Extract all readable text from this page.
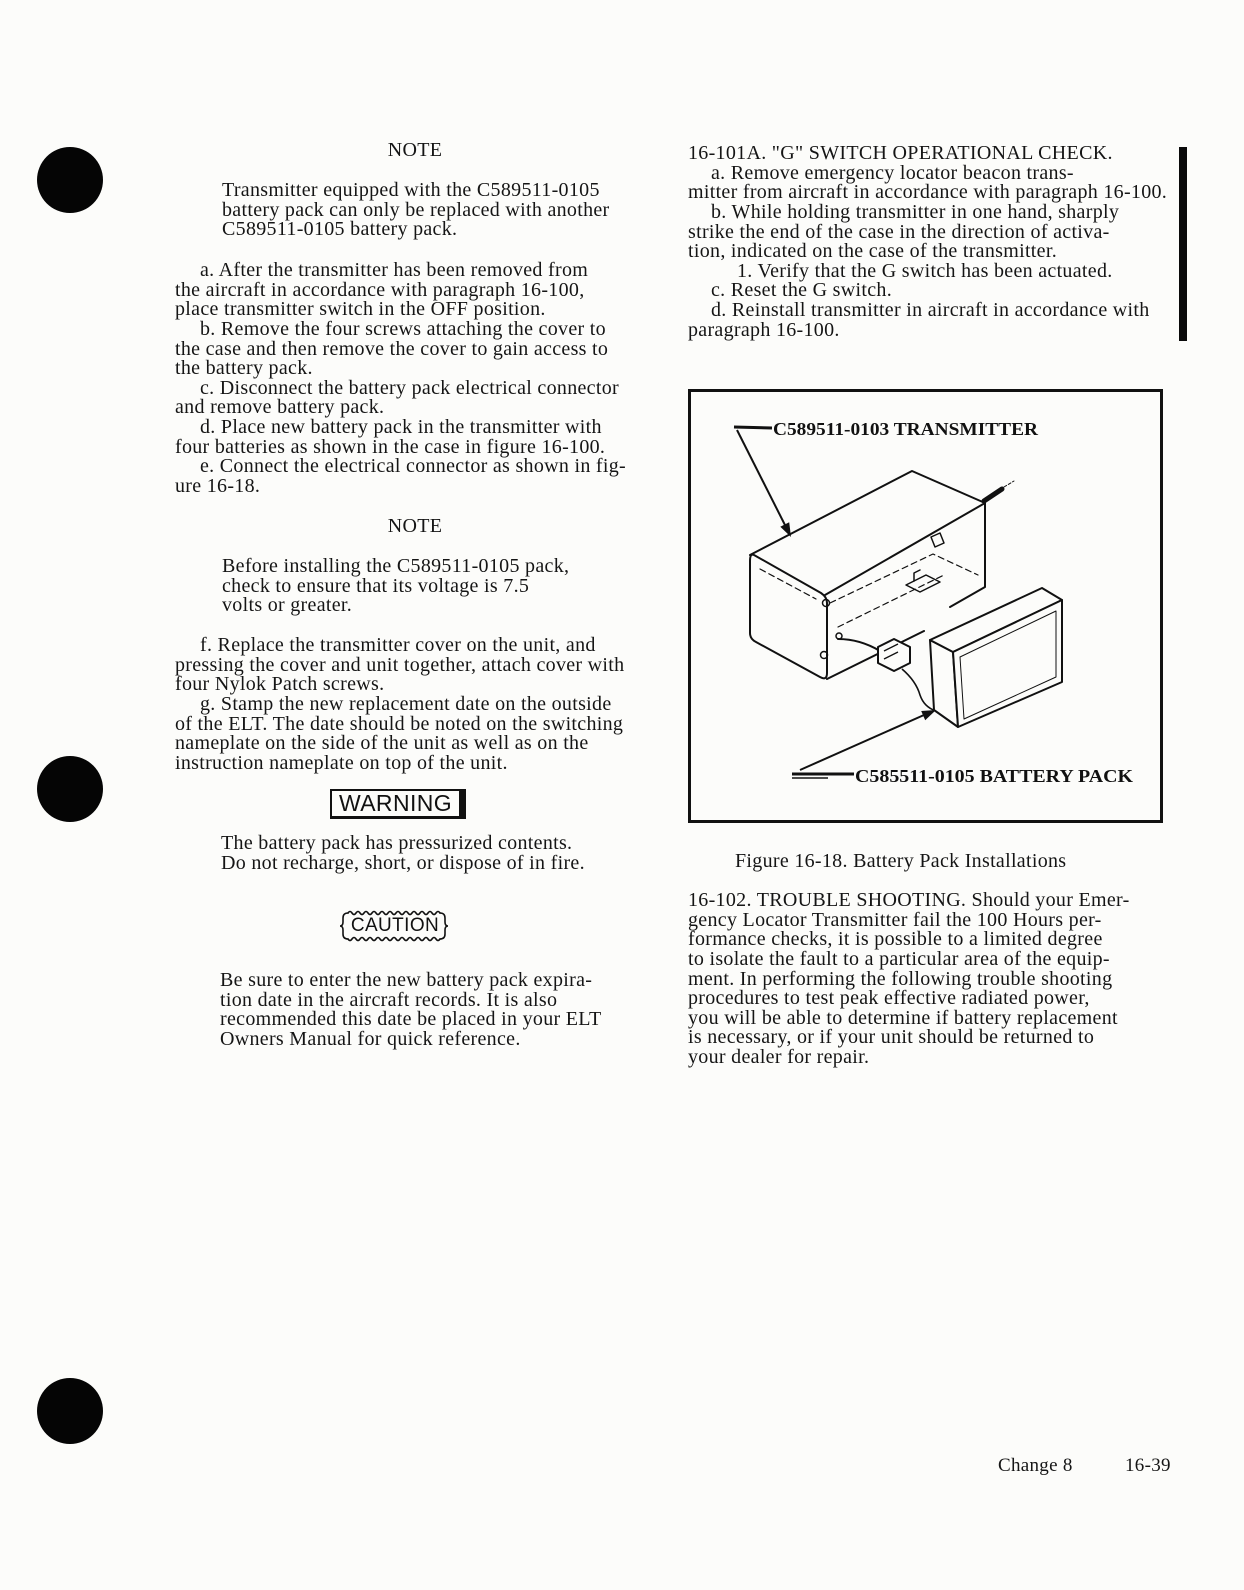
NOTE
Transmitter equipped with the C589511-0105
battery pack can only be replaced with another
C589511-0105 battery pack.
a. After the transmitter has been removed from
the aircraft in accordance with paragraph 16-100,
place transmitter switch in the OFF position.
b. Remove the four screws attaching the cover to
the case and then remove the cover to gain access to
the battery pack.
c. Disconnect the battery pack electrical connector
and remove battery pack.
d. Place new battery pack in the transmitter with
four batteries as shown in the case in figure 16-100.
e. Connect the electrical connector as shown in fig-
ure 16-18.
NOTE
Before installing the C589511-0105 pack,
check to ensure that its voltage is 7.5
volts or greater.
f. Replace the transmitter cover on the unit, and
pressing the cover and unit together, attach cover with
four Nylok Patch screws.
g. Stamp the new replacement date on the outside
of the ELT. The date should be noted on the switching
nameplate on the side of the unit as well as on the
instruction nameplate on top of the unit.
WARNING
The battery pack has pressurized contents.
Do not recharge, short, or dispose of in fire.
CAUTION
Be sure to enter the new battery pack expira-
tion date in the aircraft records. It is also
recommended this date be placed in your ELT
Owners Manual for quick reference.
16-101A. "G" SWITCH OPERATIONAL CHECK.
a. Remove emergency locator beacon trans-
mitter from aircraft in accordance with paragraph 16-100.
b. While holding transmitter in one hand, sharply
strike the end of the case in the direction of activa-
tion, indicated on the case of the transmitter.
1. Verify that the G switch has been actuated.
c. Reset the G switch.
d. Reinstall transmitter in aircraft in accordance with
paragraph 16-100.
C589511-0103 TRANSMITTER
C585511-0105 BATTERY PACK
Figure 16-18. Battery Pack Installations
16-102. TROUBLE SHOOTING. Should your Emer-
gency Locator Transmitter fail the 100 Hours per-
formance checks, it is possible to a limited degree
to isolate the fault to a particular area of the equip-
ment. In performing the following trouble shooting
procedures to test peak effective radiated power,
you will be able to determine if battery replacement
is necessary, or if your unit should be returned to
your dealer for repair.
Change 8	16-39
